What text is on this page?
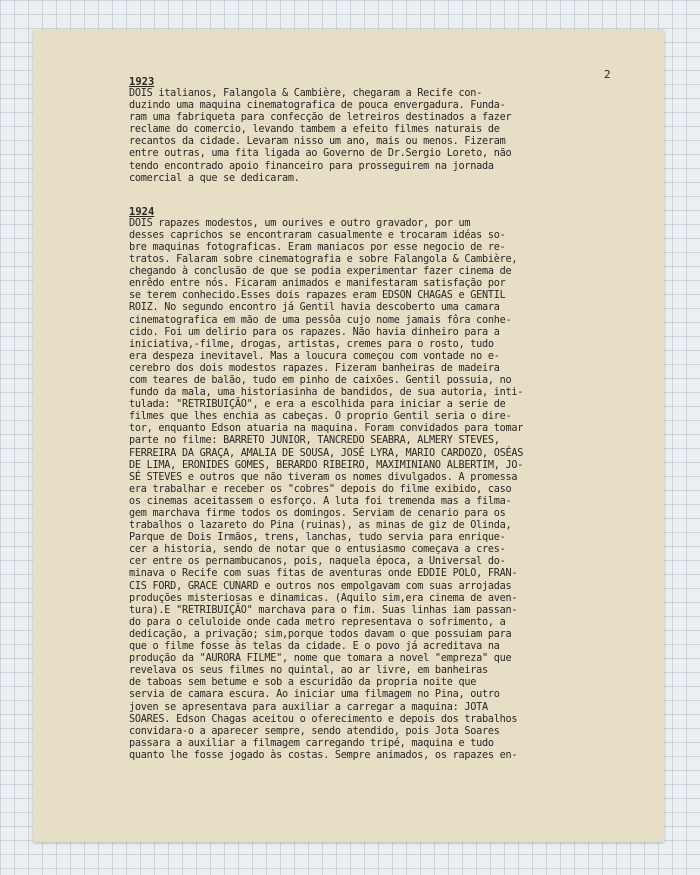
2
1923
DOIS italianos, Falangola & Cambière, chegaram a Recife con-
duzindo uma maquina cinematografica de pouca envergadura. Funda-
ram uma fabriqueta para confecção de letreiros destinados a fazer
reclame do comercio, levando tambem a efeito filmes naturais de
recantos da cidade. Levaram nisso um ano, mais ou menos. Fizeram
entre outras, uma fita ligada ao Governo de Dr.Sergio Loreto, não
tendo encontrado apoio financeiro para prosseguirem na jornada
comercial a que se dedicaram.
1924
DOIS rapazes modestos, um ourives e outro gravador, por um
desses caprichos se encontraram casualmente e trocaram idéas so-
bre maquinas fotograficas. Eram maniacos por esse negocio de re-
tratos. Falaram sobre cinematografia e sobre Falangola & Cambière,
chegando à conclusão de que se podia experimentar fazer cinema de
enrêdo entre nós. Ficaram animados e manifestaram satisfação por
se terem conhecido.Esses dois rapazes eram EDSON CHAGAS e GENTIL
ROIZ. No segundo encontro já Gentil havia descoberto uma camara
cinematografica em mão de uma pessôa cujo nome jamais fôra conhe-
cido. Foi um delirio para os rapazes. Não havia dinheiro para a
iniciativa,-filme, drogas, artistas, cremes para o rosto, tudo
era despeza inevitavel. Mas a loucura começou com vontade no e-
cerebro dos dois modestos rapazes. Fizeram banheiras de madeira
com teares de balão, tudo em pinho de caixões. Gentil possuia, no
fundo da mala, uma historiasinha de bandidos, de sua autoria, inti-
tulada: "RETRIBUIÇÃO", e era a escolhida para iniciar a serie de
filmes que lhes enchia as cabeças. O proprio Gentil seria o dire-
tor, enquanto Edson atuaria na maquina. Foram convidados para tomar
parte no filme: BARRETO JUNIOR, TANCREDO SEABRA, ALMERY STEVES,
FERREIRA DA GRAÇA, AMALIA DE SOUSA, JOSÉ LYRA, MARIO CARDOZO, OSÉAS
DE LIMA, ERONIDES GOMES, BERARDO RIBEIRO, MAXIMINIANO ALBERTIM, JO-
SÉ STEVES e outros que não tiveram os nomes divulgados. A promessa
era trabalhar e receber os "cobres" depois do filme exibido, caso
os cinemas aceitassem o esforço. A luta foi tremenda mas a filma-
gem marchava firme todos os domingos. Serviam de cenario para os
trabalhos o lazareto do Pina (ruinas), as minas de giz de Olinda,
Parque de Dois Irmãos, trens, lanchas, tudo servia para enrique-
cer a historia, sendo de notar que o entusiasmo começava a cres-
cer entre os pernambucanos, pois, naquela época, a Universal do-
minava o Recife com suas fitas de aventuras onde EDDIE POLO, FRAN-
CIS FORD, GRACE CUNARD e outros nos empolgavam com suas arrojadas
produções misteriosas e dinamicas. (Aquilo sim,era cinema de aven-
tura).E "RETRIBUIÇÃO" marchava para o fim. Suas linhas iam passan-
do para o celuloide onde cada metro representava o sofrimento, a
dedicação, a privação; sim,porque todos davam o que possuiam para
que o filme fosse às telas da cidade. E o povo já acreditava na
produção da "AURORA FILME", nome que tomara a novel "empreza" que
revelava os seus filmes no quintal, ao ar livre, em banheiras
de taboas sem betume e sob a escuridão da propria noite que
servia de camara escura. Ao iniciar uma filmagem no Pina, outro
joven se apresentava para auxiliar a carregar a maquina: JOTA
SOARES. Edson Chagas aceitou o oferecimento e depois dos trabalhos
convidara-o a aparecer sempre, sendo atendido, pois Jota Soares
passara a auxiliar a filmagem carregando tripé, maquina e tudo
quanto lhe fosse jogado às costas. Sempre animados, os rapazes en-
